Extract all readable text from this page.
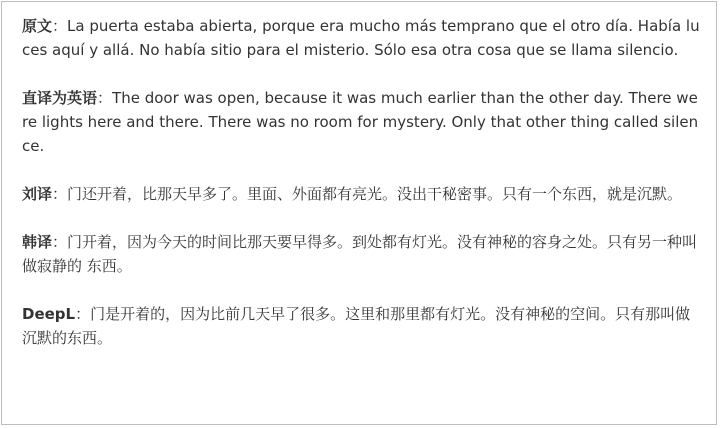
原文：La puerta estaba abierta, porque era mucho más temprano que el otro día. Había luces aquí y allá. No había sitio para el misterio. Sólo esa otra cosa que se llama silencio.

直译为英语：The door was open, because it was much earlier than the other day. There were lights here and there. There was no room for mystery. Only that other thing called silence.

刘译：门还开着，比那天早多了。里面、外面都有亮光。没出干秘密事。只有一个东西，就是沉默。

韩译：门开着，因为今天的时间比那天要早得多。到处都有灯光。没有神秘的容身之处。只有另一种叫做寂静的 东西。

DeepL：门是开着的，因为比前几天早了很多。这里和那里都有灯光。没有神秘的空间。只有那叫做沉默的东西。
